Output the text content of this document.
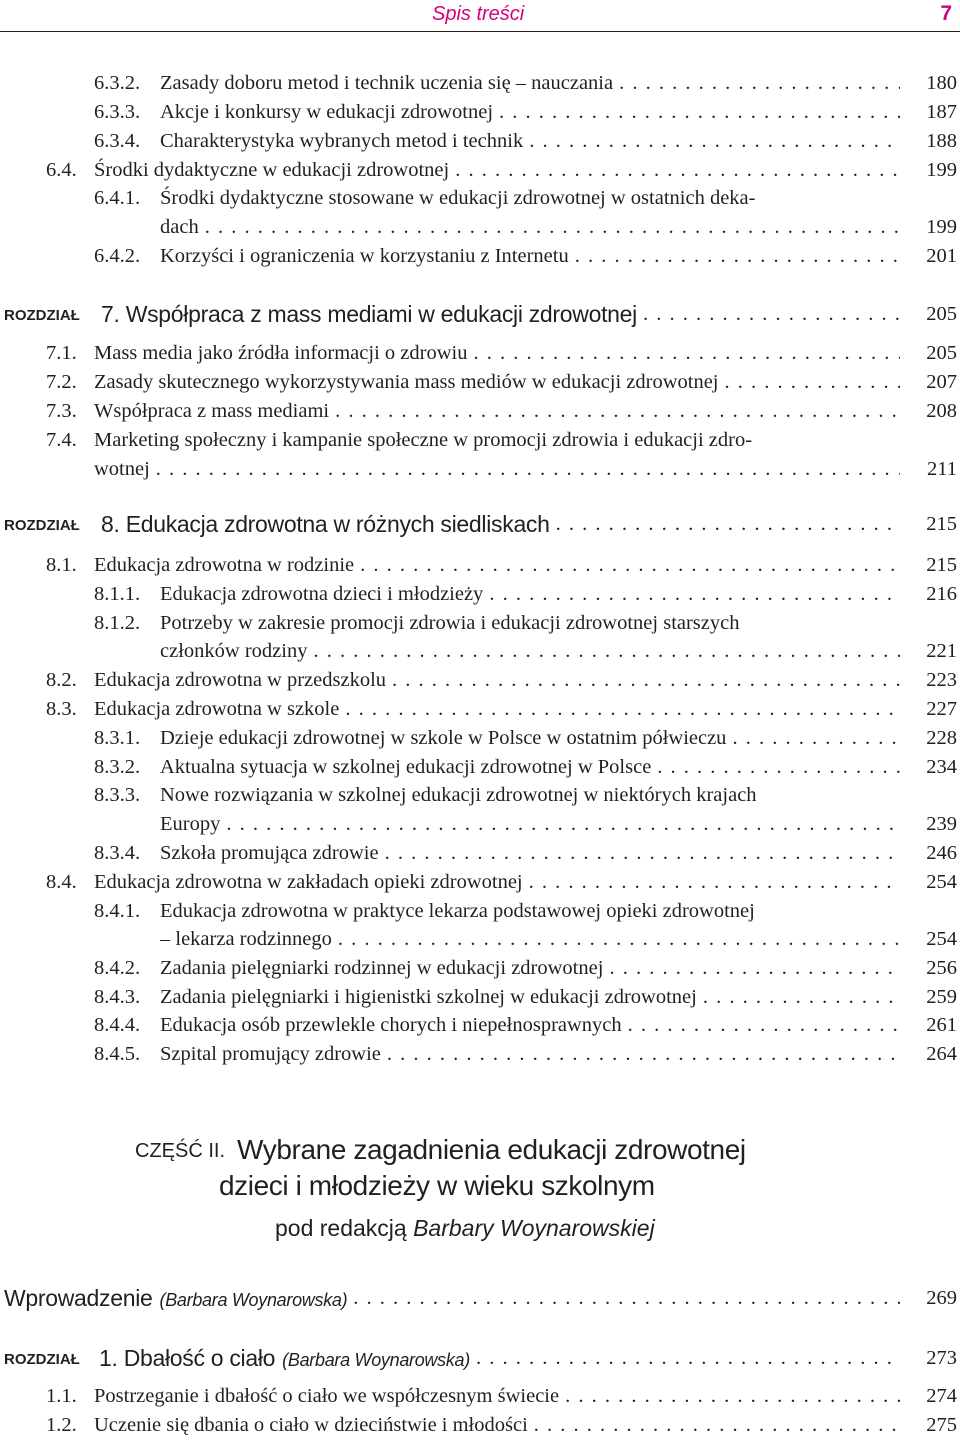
Spis treści	7
6.3.2. Zasady doboru metod i technik uczenia się – nauczania . . .	180
6.3.3. Akcje i konkursy w edukacji zdrowotnej . . .	187
6.3.4. Charakterystyka wybranych metod i technik . . .	188
6.4. Środki dydaktyczne w edukacji zdrowotnej . . .	199
6.4.1. Środki dydaktyczne stosowane w edukacji zdrowotnej w ostatnich deka-
dach . . .	199
6.4.2. Korzyści i ograniczenia w korzystaniu z Internetu . . .	201
ROZDZIAŁ 7. Współpraca z mass mediami w edukacji zdrowotnej . . .	205
7.1. Mass media jako źródła informacji o zdrowiu . . .	205
7.2. Zasady skutecznego wykorzystywania mass mediów w edukacji zdrowotnej . . .	207
7.3. Współpraca z mass mediami . . .	208
7.4. Marketing społeczny i kampanie społeczne w promocji zdrowia i edukacji zdro-
wotnej . . .	211
ROZDZIAŁ 8. Edukacja zdrowotna w różnych siedliskach . . .	215
8.1. Edukacja zdrowotna w rodzinie . . .	215
8.1.1. Edukacja zdrowotna dzieci i młodzieży . . .	216
8.1.2. Potrzeby w zakresie promocji zdrowia i edukacji zdrowotnej starszych
członków rodziny . . .	221
8.2. Edukacja zdrowotna w przedszkolu . . .	223
8.3. Edukacja zdrowotna w szkole . . .	227
8.3.1. Dzieje edukacji zdrowotnej w szkole w Polsce w ostatnim półwieczu . . .	228
8.3.2. Aktualna sytuacja w szkolnej edukacji zdrowotnej w Polsce . . .	234
8.3.3. Nowe rozwiązania w szkolnej edukacji zdrowotnej w niektórych krajach
Europy . . .	239
8.3.4. Szkoła promująca zdrowie . . .	246
8.4. Edukacja zdrowotna w zakładach opieki zdrowotnej . . .	254
8.4.1. Edukacja zdrowotna w praktyce lekarza podstawowej opieki zdrowotnej
– lekarza rodzinnego . . .	254
8.4.2. Zadania pielęgniarki rodzinnej w edukacji zdrowotnej . . .	256
8.4.3. Zadania pielęgniarki i higienistki szkolnej w edukacji zdrowotnej . . .	259
8.4.4. Edukacja osób przewlekle chorych i niepełnosprawnych . . .	261
8.4.5. Szpital promujący zdrowie . . .	264
CZĘŚĆ II. Wybrane zagadnienia edukacji zdrowotnej
dzieci i młodzieży w wieku szkolnym
pod redakcją Barbary Woynarowskiej
Wprowadzenie (Barbara Woynarowska) . . .	269
ROZDZIAŁ 1. Dbałość o ciało (Barbara Woynarowska) . . .	273
1.1. Postrzeganie i dbałość o ciało we współczesnym świecie . . .	274
1.2. Uczenie się dbania o ciało w dzieciństwie i młodości . . .	275
